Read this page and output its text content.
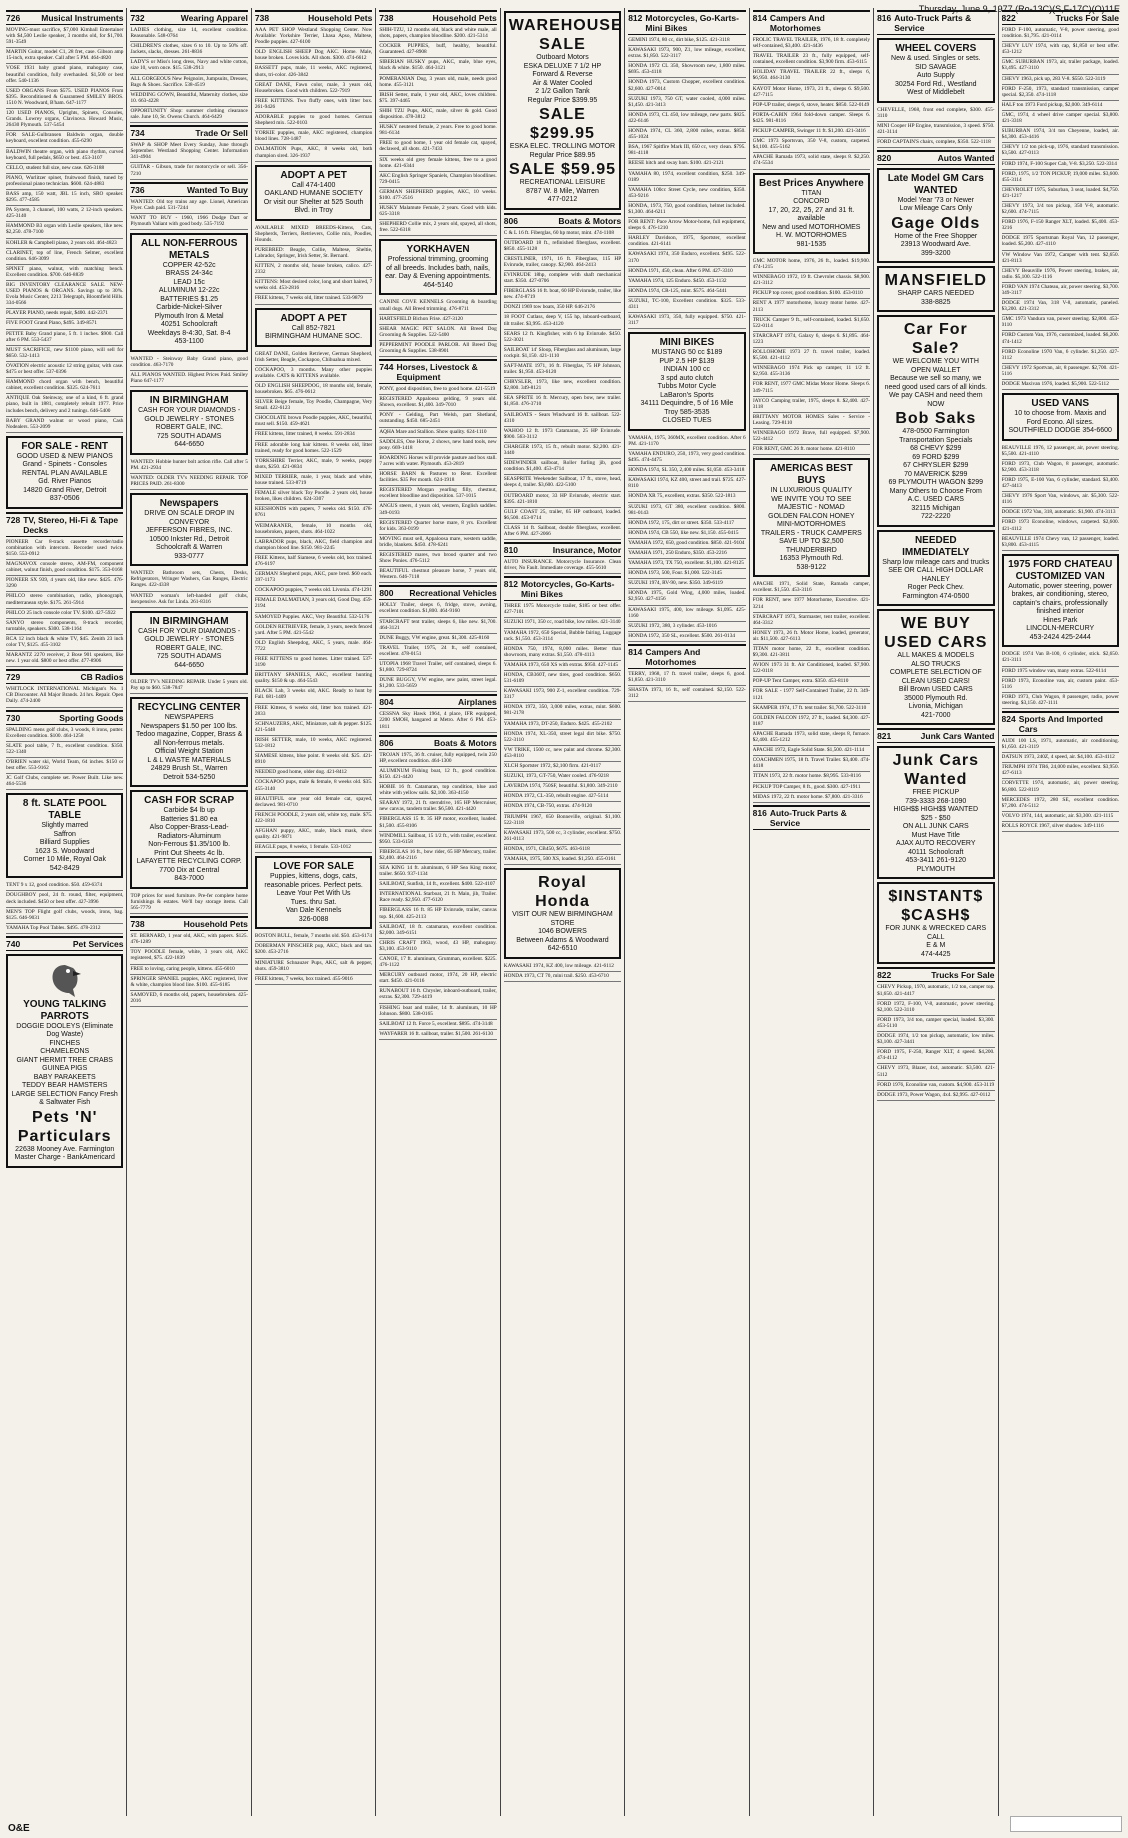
Thursday, June 9, 1977 (Ro-13C)(S,F-17C)(O)11E
726	Musical Instruments

MOVING-must sacrifice, $7,000 Kimball Entertainer with $4,500 Leslie speaker, 3 months old, for $1,700. 591-3549

MARTIN Guitar, model C1, 28 fret, case. Gibson amp 15-inch, extra speaker. Call after 5 PM. 464-4820

VOSE 1931 baby grand piano, mahogany case, beautiful condition, fully overhauled. $1,500 or best offer. 540-1136

USED ORGANS From $575. USED PIANOS From $395. Reconditioned & Guaranteed SMILEY BROS. 1510 N. Woodward, B'ham. 647-1177

120 USED PIANOS, Uprights, Spinets, Consoles, Grands. Lowrey organs, Clavinova. Howard Music, 26430 Plymouth. 537-5454

FOR SALE-Gulbransen Baldwin organ, double keyboard, excellent condition. 455-6290

BALDWIN theatre organ, with piano rhythm, curved keyboard, full pedals, $650 or best. 453-3107

CELLO, student full size, new case. 626-3188

PIANO, Wurlitzer spinet, fruitwood finish, tuned by professional piano technician. $600. 624-4883

BASS amp, 150 watt, JBL 15 inch, SRO speaker. $295. 477-4585

PA System, 3 channel, 100 watts, 2 12-inch speakers. 425-3140

HAMMOND B3 organ with Leslie speakers, like new. $2,250. 478-7100

KOHLER & Campbell piano, 2 years old. 464-4823

CLARINET, top of line, French Selmer, excellent condition. 646-3099

SPINET piano, walnut, with matching bench. Excellent condition. $700. 646-8839

BIG INVENTORY CLEARANCE SALE. NEW-USED PIANOS & ORGANS. Savings up to 30%. Evola Music Center, 2213 Telegraph, Bloomfield Hills. 334-0566

PLAYER PIANO, needs repair, $400. 442-2371

FIVE FOOT Grand Piano, $495. 349-8571

PETITE Baby Grand piano, 5 ft. 1 inches. $900. Call after 6 PM. 553-5437

MUST SACRIFICE, new $1100 piano, will sell for $650. 532-1413

OVATION electric acoustic 12 string guitar, with case. $475 or best offer. 537-0396

HAMMOND chord organ with bench, beautiful cabinet, excellent condition. $325. 624-7611

ANTIQUE Oak Steinway, one of a kind, 6 ft. grand piano, built in 1881, completely rebuilt 1977. Price includes bench, delivery and 2 tunings. 646-5400

BABY GRAND walnut or wood piano, Cash Nodealers. 553-2099

FOR SALE - RENT
GOOD USED & NEW PIANOS
Grand - Spinets - Consoles
RENTAL PLAN AVAILABLE
Gd. River Pianos
14820 Grand River, Detroit
837-0506
728 TV, Stereo, Hi-Fi & Tape Decks

PIONEER Car 8-track cassette recorder/radio combination with intercom. Recorder used twice. $150. 553-0912

MAGNAVOX console stereo, AM-FM, component cabinet, walnut finish, good condition. $175. 353-0168

PIONEER SX 939, 4 years old, like new. $425. 476-3290

PHILCO stereo combination, radio, phonograph, mediterranean style. $175. 261-5914

PHILCO 25 inch console color TV. $100. 427-5922

SANYO stereo components, 8-track recorder, turntable, speakers. $300. 538-1164

RCA 12 inch black & white TV, $45. Zenith 23 inch color TV, $125. 455-3102

MARANTZ 2270 receiver, 2 Bose 901 speakers, like new. 1 year old. $800 or best offer. 477-8906

729	CB Radios

WHITLOCK INTERNATIONAL Michigan's No. 1 CB Discounter. All Major Brands. 24 hrs. Repair. Open Daily. 474-2400

730	Sporting Goods

SPALDING mens golf clubs, 3 woods, 8 irons, putter. Excellent condition. $100. 464-1258

SLATE pool table, 7 ft., excellent condition. $350. 522-1340

O'BRIEN water ski, World Team, 64 inches. $150 or best offer. 553-9162

JC Golf Clubs, complete set. Power Built. Like new. 464-5536

8 ft. SLATE POOL TABLE
Slightly marred
Saffron
Billiard Supplies
1623 S. Woodward
Corner 10 Mile, Royal Oak
542-8429

TENT 9 x 12, good condition. $50. 459-6374

DOUGHBOY pool, 24 ft. round, filter, equipment, deck included. $450 or best offer. 427-3996

MEN'S TOP Flight golf clubs, woods, irons, bag. $125. 646-9031

YAMAHA Top Pool Tables. $495. 478-2312

740	Pet Services
YOUNG TALKING PARROTS
DOGGIE DOOLEYS (Eliminate Dog Waste)
FINCHES
CHAMELEONS
GIANT HERMIT TREE CRABS
GUINEA PIGS
BABY PARAKEETS
TEDDY BEAR HAMSTERS
LARGE SELECTION Fancy Fresh & Saltwater Fish
Pets 'N' Particulars
22638 Mooney Ave. Farmington
Master Charge - BankAmericard
732	Wearing Apparel

LADIES clothing, size 14, excellent condition. Reasonable. 548-0764

CHILDREN'S clothes, sizes 6 to 10. Up to 50% off. Jackets, slacks, dresses. 261-8836

LADY'S or Miss's long dress, Navy and white cotton, size 10, worn once. $15. 538-2913

ALL GORGEOUS New Peignoirs, Jumpsuits, Dresses, Bags & Shoes. Sacrifice. 538-4519

WEDDING GOWN, Beautiful, Maternity clothes, size 10. 663-4228

OPPORTUNITY Shop: summer clothing clearance sale. June 10, St. Owens Church. 464-6429

734	Trade Or Sell

SWAP & SHOP Meet Every Sunday, June through September. Westland Shopping Center. Information 341-4904

GUITAR - Gibson, trade for motorcycle or sell. 356-7210

736	Wanted To Buy

WANTED: Old toy trains any age. Lionel, American Flyer. Cash paid. 531-7244

WANT TO BUY - 1960, 1966 Dodge Dart or Plymouth Valiant with good body. 535-7192

ALL NON-FERROUS METALS
COPPER 42-52c
BRASS 24-34c
LEAD 15c
ALUMINUM 12-22c
BATTERIES $1.25
Carbide-Nickel-Silver
Plymouth Iron & Metal
40251 Schoolcraft
Weekdays 8-4:30, Sat. 8-4
453-1100

WANTED - Steinway Baby Grand piano, good condition. 463-7170

ALL PIANOS WANTED. Highest Prices Paid. Smiley Piano 647-1177

IN BIRMINGHAM
CASH FOR YOUR DIAMONDS - GOLD JEWELRY - STONES
ROBERT GALE, INC.
725 SOUTH ADAMS
644-6650

WANTED: Hobbie hunter bolt action rifle. Call after 5 PM. 421-2934

WANTED: OLDER TV's NEEDING REPAIR. TOP PRICES PAID. 261-8300

Newspapers
DRIVE ON SCALE DROP IN CONVEYOR
JEFFERSON FIBRES, INC.
10500 Inkster Rd., Detroit
Schoolcraft & Warren
933-0777

WANTED: Bathroom sets, Chests, Desks, Refrigerators, Wringer Washers, Gas Ranges, Electric Ranges. 422-4338

WANTED woman's left-handed golf clubs, inexpensive. Ask for Linda. 261-8316

IN BIRMINGHAM
CASH FOR YOUR DIAMONDS - GOLD JEWELRY - STONES
ROBERT GALE, INC.
725 SOUTH ADAMS
644-6650

OLDER TV's NEEDING REPAIR. Under 5 years old. Pay up to $60. 538-7847

RECYCLING CENTER
NEWSPAPERS
Newspapers $1.50 per 100 lbs.
Tedoo magazine, Copper, Brass & all Non-ferrous metals.
Official Weight Station
L & L WASTE MATERIALS
24829 Brush St., Warren
Detroit 534-5250
CASH FOR SCRAP
Carbide $4 lb up
Batteries $1.80 ea
Also Copper-Brass-Lead-Radiators-Aluminum
Non-Ferrous $1.35/100 lb.
Print Out Sheets 4c lb.
LAFAYETTE RECYCLING CORP.
7700 Dix at Central
843-7000

TOP prices for used furniture. Pre-fer complete home furnishings & estates. We'll buy storage items. Call 565-7779

738	Household Pets

ST. BERNARD, 1 year old, AKC, with papers. $125. 476-1289

TOY POODLE female, white, 3 years old, AKC registered, $75. 422-1839

FREE to loving, caring people, kittens. 455-6010

SPRINGER SPANIEL puppies, AKC registered, liver & white, champion blood line. $100. 455-6185

SAMOYED, 6 months old, papers, housebroken. 425-2016

738	Household Pets

AAA PET SHOP Westland Shopping Center. Now Available: Yorkshire Terrier, Lhasa Apso, Maltese, Poodle puppies. 427-6100

OLD ENGLISH SHEEP Dog AKC. Home. Male, house broken. Loves kids. All shots. $300. 474-6612

BASSETT pups, male, 11 weeks, AKC registered, shots, tri-color. 426-3842

GREAT DANE, Fawn color, male, 3 years old, Housebroken. Good with children. 522-7919

FREE KITTENS. Two fluffy ones, with litter box. 261-9426

ADORABLE puppies to good homes. German Shepherd mix. 522-0103

YORKIE puppies, male, AKC registered, champion blood lines. 728-1487

DALMATION Pups, AKC, 8 weeks old, both champion sired. 326-1937

ADOPT A PET
Call 474-1400
OAKLAND HUMANE SOCIETY
Or visit our Shelter at 525 South Blvd. in Troy

AVAILABLE MIXED BREEDS-Kittens, Cats, Shepherds, Terriers, Retrievers, Collie mix, Poodles, Hounds.

PUREBRED: Beagle, Collie, Maltese, Sheltie, Labrador, Springer, Irish Setter, St. Bernard.

KITTEN, 2 months old, house broken, calico. 427-2332

KITTENS: Most desired color, long and short haired, 7 weeks old. 453-2816

FREE kittens, 7 weeks old, litter trained. 533-9879

ADOPT A PET
Call 852-7821
BIRMINGHAM HUMANE SOC.

GREAT DANE, Golden Retriever, German Shepherd, Irish Setter, Beagle, Cockapoo, Chihuahua mixed.

COCKAPOO, 3 months. Many other puppies available. CATS & KITTENS available.

OLD ENGLISH SHEEPDOG, 18 months old, female, housebroken. $65. 476-0612

SILVER Beige female, Toy Poodle, Champagne, Very Small. 422-6123

CHOCOLATE brown Poodle puppies, AKC, beautiful, must sell. $150. 459-4621

FREE kittens, litter trained, 8 weeks. 591-2834

FREE adorable long hair kittens. 8 weeks old, litter trained, ready for good homes. 522-1529

YORKSHIRE Terrier, AKC, male, 9 weeks, puppy shots, $250. 421-0834

MIXED TERRIER, male, 1 year, black and white, house trained. 533-8719

FEMALE silver black Toy Poodle. 2 years old, house broken, likes children. 624-3307

KEESHONDS with papers, 7 weeks old. $150. 478-8761

WEIMARANER, female, 10 months old, housebroken, papers, shots. 464-1022

LABRADOR pups, black, AKC, field champion and champion blood line. $150. 981-2245

FREE Kittens, half Siamese, 6 weeks old, box trained. 476-6197

GERMAN Shepherd pups, AKC, pure bred. $60 each. 397-1173

COCKAPOO puppies, 7 weeks old. Livonia. 474-1291

FEMALE DALMATIAN, 3 years old, Good Dog. 459-2194

SAMOYED Puppies. AKC, Very Beautiful. 532-5176

GOLDEN RETRIEVER, female, 3 years, needs fenced yard. After 5 PM. 421-5542

OLD English Sheepdog, AKC, 5 years, male. 464-7722

FREE KITTENS to good homes. Litter trained. 537-3190

BRITTANY SPANIELS, AKC, excellent hunting quality. $150 & up. 464-5543

BLACK Lab, 3 weeks old, AKC. Ready to hunt by Fall. 681-1409

FREE Kittens, 6 weeks old, litter box trained. 421-2833

SCHNAUZERS, AKC, Miniature, salt & pepper. $125. 421-5448

IRISH SETTER, male, 10 weeks, AKC registered. 532-1812

SIAMESE kittens, blue point. 8 weeks old. $25. 421-8910

NEEDED good home, older dog. 421-8412

COCKAPOO pups, male & female, 8 weeks old. $35. 455-3140

BEAUTIFUL one year old female cat, spayed, declawed. 981-0710

FRENCH POODLE, 2 years old, white toy, male. $75. 422-1810

AFGHAN puppy, AKC, male, black mask, show quality. 421-9871

BEAGLE pups, 8 weeks, 1 female. 533-1012

LOVE FOR SALE
Puppies, kittens, dogs, cats, reasonable prices. Perfect pets.
Leave Your Pet With Us
Tues. thru Sat.
Van Dale Kennels
326-0088

BOSTON BULL, female, 7 months old. $50. 453-6174

DOBERMAN PINSCHER pup, AKC, black and tan. $200. 453-2716

MINIATURE Schnauzer Pups, AKC, salt & pepper, shots. 459-3810

FREE kittens, 7 weeks, box trained. 455-9016

738	Household Pets

SHIH-TZU, 12 months old, black and white male, all shots, papers, champion bloodline. $200. 421-5314

COCKER PUPPIES, buff, healthy, beautiful. Guaranteed. 427-8908

SIBERIAN HUSKY pups, AKC, male, blue eyes, black & white. $150. 464-3121

POMERANIAN Dog, 3 years old, male, needs good home. 455-3121

IRISH Setter, male, 1 year old, AKC, loves children. $75. 397-4465

SHIH TZU Pups, AKC, male, silver & gold. Good disposition. 478-3812

HUSKY neutered female, 2 years. Free to good home. 981-6134

FREE to good home, 1 year old female cat, spayed, declawed, all shots. 421-7433

SIX weeks old grey female kittens, free to a good home. 421-6344

AKC English Springer Spaniels, Champion bloodlines. 729-0415

GERMAN SHEPHERD puppies, AKC, 10 weeks. $100. 477-2516

HUSKY Malamute Female, 2 years. Good with kids. 625-3318

SHEPHERD Collie mix, 2 years old, spayed, all shots, free. 522-6318

YORKHAVEN
Professional trimming, grooming of all breeds. Includes bath, nails, ear. Day & Evening appointments. 464-5140

CANINE COVE KENNELS Grooming & boarding small dogs. All Breed trimming. 476-8711

HARTSFIELD Bichon Frise. 427-3120

SHEAR MAGIC PET SALON. All Breed Dog Grooming & Supplies. 522-5400

PEPPERMINT POODLE PARLOR. All Breed Dog Grooming & Supplies. 538-8901

744 Horses, Livestock & Equipment

PONY, good disposition, free to good home. 421-5519

REGISTERED Appaloosa gelding, 9 years old. Shown, excellent. $1,400. 349-7010

PONY - Gelding, Part Welsh, part Shetland, outstanding. $450. 685-2451

AQHA Mare and Stallion. Show quality. 624-1110

SADDLES, One Horse, 2 shows, new hand tools, new pony. 669-1418

BOARDING Horses will provide pasture and box stall. 7 acres with water. Plymouth. 453-2819

HORSE BARN & Pastures to Rent. Excellent facilities. $35 Per month. 624-1918

REGISTERED Morgan yearling filly, chestnut, excellent bloodline and disposition. 537-1015

ANGUS steers, 4 years old, western, English saddles. 349-0193

REGISTERED Quarter horse mare, 8 yrs. Excellent for kids. 363-0199

MOVING must sell, Appaloosa mare, western saddle, bridle, blankets. $450. 478-6241

REGISTERED mares, two brood quarter and two Show Ponies. 476-5112

BEAUTIFUL chestnut pleasure horse, 7 years old, Western. 646-7118

800	Recreational Vehicles

HOLLY Trailer, sleeps 6, fridge, stove, awning, excellent condition. $1,800. 464-9160

STARCRAFT tent trailer, sleeps 6, like new. $1,700. 464-3121

DUNE Buggy, VW engine, great. $1,300. 425-8160

TRAVEL Trailer, 1975, 24 ft., self contained, excellent. 478-0151

UTOPIA 1968 Travel Trailer, self contained, sleeps 6. $1,800. 729-8724

DUNE BUGGY, VW engine, new paint, street legal. $1,200. 533-5659

804	Airplanes

CESSNA Sky Hawk 1964, 4 place, IFR equipped, 2200 SMOH, hangared at Metro. After 6 PM. 453-1811

806	Boats & Motors

TROJAN 1975, 36 ft. cruiser, fully equipped, twin 250 HP, excellent condition. 464-1300

ALUMINUM Fishing boat, 12 ft., good condition. $150. 421-4420

HOBIE 16 ft. Catamaran, top condition, blue and white with yellow sails. $2,100. 363-4150

SEARAY 1972, 21 ft. sterndrive, 165 HP Mercruiser, new canvas, tandem trailer. $6,500. 421-4420

FIBERGLASS 15 ft. 35 HP motor, excellent, loaded. $1,500. 455-8106

WINDMILL Sailboat, 15 1/2 ft., with trailer, excellent. $950. 533-6158

FIBERGLAS 16 ft., bow rider, 65 HP Mercury, trailer. $2,400. 464-2116

SEA KING 14 ft. aluminum, 6 HP Sea King motor, trailer. $650. 937-1134

SAILBOAT, Sunfish, 14 ft., excellent. $400. 522-4107

INTERNATIONAL Starboat, 21 ft. Main, jib, Trailer. Race ready. $2,950. 477-6120

FIBERGLASS 16 ft. 85 HP Evinrude, trailer, canvas top. $1,600. 425-2113

SAILBOAT, 18 ft. catamaran, excellent condition. $2,000. 349-6151

CHRIS CRAFT 1963, wood, 43 HP, mahogany. $3,100. 453-9110

CANOE, 17 ft. aluminum, Grumman, excellent. $225. 476-1122

MERCURY outboard motor, 1974, 20 HP, electric start. $450. 421-0116

RUNABOUT 16 ft. Chrysler, inboard-outboard, trailer, extras. $2,300. 729-4419

FISHING boat and trailer, 14 ft. aluminum, 10 HP Johnson. $800. 538-0165

SAILBOAT 12 ft. Force 5, excellent. $895. 474-3148

WAYFARER 16 ft. sailboat, trailer. $1,500. 261-6130

WAREHOUSE SALE
Outboard Motors
ESKA DELUXE 7 1/2 HP
Forward & Reverse
Air & Water Cooled
2 1/2 Gallon Tank
Regular Price $399.95
SALE $299.95
ESKA ELEC. TROLLING MOTOR
Regular Price $89.95
SALE $59.95
RECREATIONAL LEISURE
8787 W. 8 Mile, Warren
477-0212
806	Boats & Motors

C & L 16 ft. Fiberglas, 60 hp motor, mint. 474-1108

OUTBOARD 18 ft., refinished fiberglass, excellent. $850. 455-1128

CRESTLINER, 1971, 16 ft. Fiberglass, 115 HP Evinrude, trailer, canopy. $2,900. 464-2413

EVINRUDE 18hp, complete with shaft mechanical start. $350. 427-0706

FIBERGLASS 16 ft. boat, 60 HP Evinrude, trailer, like new. 474-8719

DONZI 1969 tow boats, 350 HP. 646-2176

18 FOOT Cutlass, deep V, 155 hp, inboard-outboard, tilt trailer. $3,995. 453-4120

SEARS 12 ft. Kingfisher, with 6 hp Evinrude. $450. 522-3021

SAILBOAT 14' Sloop, Fiberglass and aluminum, large cockpit. $1,150. 421-1110

SAFT-MATE 1971, 16 ft. Fiberglas, 75 HP Johnson, trailer. $1,950. 453-6120

CHRYSLER, 1973, like new, excellent condition. $2,800. 349-8121

SEA SPRITE 16 ft. Mercury, open bow, new trailer. $1,850. 476-3710

SAILBOATS - Sears Windward 16 ft. sailboat. 522-4310

WAHOO 12 ft. 1973 Catamaran, 25 HP Evinrude. $900. 563-3112

CHARGER 1973, 15 ft., rebuilt motor. $2,200. 421-3440

SIDEWINDER sailboat, Roller furling jib, good condition. $1,400. 453-4714

SEASPRITE Weekender Sailboat, 17 ft., stove, head, sleeps 4, trailer. $3,600. 422-5100

OUTBOARD motor, 33 HP Evinrude, electric start. $395. 421-1810

GULF COAST 25, trailer, 65 HP outboard, loaded. $6,500. 453-0714

CLASS 14 ft. Sailboat, double fiberglass, excellent. After 6 PM. 427-2066

810	Insurance, Motor

AUTO INSURANCE. Motorcycle Insurance. Clean driver, No Fault. Immediate coverage. 455-5610

812 Motorcycles, Go-Karts-Mini Bikes

THREE 1975 Motorcycle trailer, $185 or best offer. 427-7101

SUZUKI 1971, 350 cc, road bike, low miles. 421-3140

YAMAHA 1972, 650 Special, Bubble fairing, Luggage rack. $1,550. 453-3114

HONDA 750, 1974, 8,000 miles. Better than showroom, many extras. $1,550. 478-4113

YAMAHA 1973, 650 XS with extras. $950. 427-1145

HONDA, CB360T, new tires, good condition. $650. 531-6109

KAWASAKI 1973, 900 Z-1, excellent condition. 729-3317

HONDA 1972, 350, 3,000 miles, extras, mint. $600. 981-2178

YAMAHA 1973, DT-250, Enduro. $425. 455-2102

HONDA 1974, XL-350, street legal dirt bike. $750. 522-3110

VW TRIKE, 1500 cc, new paint and chrome. $2,300. 453-8110

XLCH Sportster 1972, $2,100 firm. 421-0117

SUZUKI, 1973, GT-750, Water cooled. 476-9218

LAVERDA 1974, 750SF, beautiful. $1,800. 349-2110

HONDA 1972, CL-350, rebuilt engine. 427-5114

HONDA 1974, CB-750, extras. 474-9120

TRIUMPH 1967, 650 Bonneville, original. $1,100. 522-3118

KAWASAKI 1973, 500 cc, 3 cylinder, excellent. $750. 261-0113

HONDA, 1971, CB450, $675. 463-6118

YAMAHA, 1975, 500 XS, loaded. $1,250. 455-0161

Royal Honda
VISIT OUR NEW BIRMINGHAM STORE
1046 BOWERS
Between Adams & Woodward
642-6510

KAWASAKI 1974, KZ 400, low mileage. 421-6112

HONDA 1973, CT 70, mini trail. $250. 453-6710

812 Motorcycles, Go-Karts-Mini Bikes

GEMINI 1974, 80 cc, dirt bike, $125. 421-3118

KAWASAKI 1973, 900, Z1, low mileage, excellent, extras. $1,850. 522-3117

HONDA 1972 CL 350, Showroom new, 1,800 miles. $695. 453-4118

HONDA 1973, Custom Chopper, excellent condition. $2,600. 427-0014

SUZUKI 1973, 750 GT, water cooled, 4,000 miles. $1,450. 421-3413

HONDA 1973, CL 450, low mileage, new parts. $825. 422-6146

HONDA 1974, CL 360, 2,800 miles, extras. $850. 455-1024

BSA, 1967 Spitfire Mark III, 650 cc, very clean. $795. 981-4118

REESE hitch and sway bars. $100. 421-2121

YAMAHA 80, 1974, excellent condition, $250. 349-0189

YAMAHA 100cc Street Cycle, new condition, $350. 453-9216

HONDA, 1973, 750, good condition, helmet included. $1,300. 464-6211

FOR RENT: Pace Arrow Motor-home, full equipment, sleeps 6. 476-1210

HARLEY Davidson, 1975, Sportster, excellent condition. 421-6141

KAWASAKI 1974, 350 Enduro, excellent. $495. 522-3170

HONDA 1971, 450, clean. After 6 PM. 427-3310

YAMAHA 1974, 125 Enduro. $450. 453-1132

HONDA 1974, CR-125, mint. $575. 464-5441

SUZUKI, TC-100, Excellent condition. $325. 533-4311

KAWASAKI 1973, 350, fully equipped. $750. 421-3117

MINI BIKES
MUSTANG 50 cc $189
PUP 2.5 HP $139
INDIAN 100 cc
3 spd auto clutch
Tubbs Motor Cycle
LaBaron's Sports
34111 Dequindre, 5 of 16 Mile
Troy 585-3535
CLOSED TUES

YAMAHA, 1975, 360MX, excellent condition. After 6 PM. 421-1170

YAMAHA ENDURO, 250, 1973, very good condition. $495. 474-4475

HONDA 1974, SL 350, 2,400 miles. $1,050. 453-3418

KAWASAKI 1974, KZ 400, street and trail. $725. 427-8110

HONDA XR 75, excellent, extras. $350. 522-1813

SUZUKI 1973, GT 380, excellent condition. $800. 981-0143

HONDA 1972, 175, dirt or street. $350. 533-4117

HONDA 1974, CB 550, like new. $1,150. 455-0415

YAMAHA 1972, 650, good condition. $850. 421-9104

YAMAHA 1971, 250 Enduro, $350. 453-2216

YAMAHA 1973, TX 750, excellent. $1,100. 421-8125

HONDA 1973, 500, Four. $1,000. 522-3145

SUZUKI 1974, RV-90, new. $350. 349-6119

HONDA 1975, Gold Wing, 4,000 miles, loaded. $2,950. 427-4156

KAWASAKI 1975, 400, low mileage. $1,095. 425-1160

SUZUKI 1972, 380, 3 cylinder. 453-1016

HONDA 1972, 350 SL, excellent. $500. 261-0134

814 Campers And Motorhomes

TERRY, 1968, 17 ft. travel trailer, sleeps 6, good. $1,850. 421-3110

SHASTA 1973, 16 ft., self contained. $2,150. 522-3112

814 Campers And Motorhomes

FROLIC TRAVEL TRAILER, 1976, 18 ft. completely self-contained, $3,400. 421-4436

TRAVEL TRAILER 23 ft., fully equipped, self-contained, excellent condition. $3,900 firm. 453-6115

HOLIDAY TRAVEL TRAILER 22 ft., sleeps 6, $6,950. 464-3130

KAYOT Motor Home, 1973, 21 ft., sleeps 6. $9,500. 427-7115

POP-UP trailer, sleeps 6, stove, heater. $850. 522-0149

PORTA-CABIN 1964 fold-down camper. Sleeps 6. $425. 981-8116

PICKUP CAMPER, Swinger 11 ft. $1,200. 421-3416

GMC 1973 Sportsvan, 350 V-8, custom, carpeted. $4,100. 455-5162

APACHE Ramada 1973, solid state, sleeps 8. $2,250. 474-5534

Best Prices Anywhere
TITAN
CONCORD
17, 20, 22, 25, 27 and 31 ft. available
New and used MOTORHOMES
H. W. MOTORHOMES
981-1535

GMC MOTOR home, 1976, 26 ft., loaded. $19,900. 474-1215

WINNEBAGO 1972, 19 ft. Chevrolet chassis. $8,900. 421-3112

PICKUP top cover, good condition. $100. 453-0110

RENT A 1977 motorhome, luxury motor home. 427-2113

TRUCK Camper 9 ft., self-contained, loaded. $1,650. 522-0114

STARCRAFT 1974, Galaxy 6, sleeps 6. $1,895. 464-1223

ROLLOHOME 1973 27 ft. travel trailer, loaded. $5,500. 421-4112

WINNEBAGO 1974 Pick up camper, 11 1/2 ft. $2,950. 455-3136

FOR RENT, 1977 GMC Midas Motor Home. Sleeps 6. 349-7115

JAYCO Camping trailer, 1975, sleeps 8. $2,400. 427-3118

BRITTANY MOTOR HOMES Sales - Service - Leasing. 729-8110

WINNEBAGO 1972 Brave, full equipped. $7,900. 522-4412

FOR RENT, GMC 26 ft. motor home. 421-8110

AMERICAS BEST BUYS
IN LUXURIOUS QUALITY
WE INVITE YOU TO SEE
MAJESTIC - NOMAD
GOLDEN FALCON HONEY
MINI-MOTORHOMES
TRAILERS - TRUCK CAMPERS
SAVE UP TO $2,500
THUNDERBIRD
16353 Plymouth Rd.
538-9122

APACHE 1971, Solid State, Ramada camper, excellent. $1,550. 453-3116

FOR RENT, new 1977 Motorhome, Executive. 421-3214

STARCRAFT 1973, Starmaster, tent trailer, excellent. 464-3312

HONEY 1973, 26 ft. Motor Home, loaded, generator, air. $11,500. 427-6113

TITAN motor home, 22 ft., excellent condition. $9,300. 421-3811

AVION 1973 31 ft. Air Conditioned, loaded. $7,900. 522-0118

POP-UP Tent Camper, extra. $350. 453-8110

FOR SALE - 1977 Self-Contained Trailer, 22 ft. 349-1121

SKAMPER 1974, 17 ft. tent trailer. $1,700. 522-3110

GOLDEN FALCON 1972, 27 ft., loaded. $4,300. 427-0187

APACHE Ramada 1973, solid state, sleeps 8, furnace. $2,400. 455-1212

APACHE 1972, Eagle Solid State. $1,500. 421-1114

COACHMEN 1975, 18 ft. Travel Trailer. $3,400. 474-4418

TITAN 1973, 22 ft. motor home. $8,995. 533-8116

PICKUP TOP Camper, 8 ft., good. $300. 427-1911

MIDAS 1972, 22 ft. motor home. $7,800. 421-3316

816 Auto-Truck Parts & Service
816 Auto-Truck Parts & Service
WHEEL COVERS
New & used. Singles or sets.
SID SAVAGE
Auto Supply
30254 Ford Rd., Westland
West of Middlebelt

CHEVELLE, 1968, front end complete, $300. 455-3110

MINI Cooper HP Engine, transmission, 3 speed. $750. 421-3114

FORD CAPTAIN'S chairs, complete, $350. 522-1118

820	Autos Wanted
Late Model GM Cars WANTED
Model Year '73 or Newer
Low Mileage Cars Only
Gage Olds
Home of the Free Shopper
23913 Woodward Ave.
399-3200
MANSFIELD
SHARP CARS NEEDED
338-8825
Car For Sale?
WE WELCOME YOU WITH OPEN WALLET
Because we sell so many, we need good used cars of all kinds. We pay CASH and need them NOW
Bob Saks
478-0500 Farmington
Transportation Specials
68 CHEVY $299
69 FORD $299
67 CHRYSLER $299
70 MAVERICK $299
69 PLYMOUTH WAGON $299
Many Others to Choose From
A.C. USED CARS
32115 Michigan
722-2220
NEEDED IMMEDIATELY
Sharp low mileage cars and trucks
SEE OR CALL HIGH DOLLAR HANLEY
Roger Peck Chev.
Farmington 474-0500
WE BUY USED CARS
ALL MAKES & MODELS
ALSO TRUCKS
COMPLETE SELECTION OF CLEAN USED CARS!
Bill Brown USED CARS
35000 Plymouth Rd.
Livonia, Michigan
421-7000
821	Junk Cars Wanted
Junk Cars Wanted
FREE PICKUP
739-3333 268-1090
HIGH$$ HIGH$$ WANTED
$25 - $50
ON ALL JUNK CARS
Must Have Title
AJAX AUTO RECOVERY
40111 Schoolcraft
453-3411 261-9120
PLYMOUTH
$INSTANT$
$CASH$
FOR JUNK & WRECKED CARS
CALL
E & M
474-4425
822	Trucks For Sale

CHEVY Pickup, 1970, automatic, 1/2 ton, camper top. $1,650. 421-4417

FORD 1972, F-100, V-8, automatic, power steering. $2,100. 522-3110

FORD 1973, 3/4 ton, camper special, loaded. $3,300. 453-5110

DODGE 1974, 1/2 ton pickup, automatic, low miles. $3,100. 427-3441

FORD 1975, F-250, Ranger XLT, 4 speed. $4,200. 474-4112

CHEVY 1973, Blazer, 4x4, automatic. $3,500. 421-5112

FORD 1976, Econoline van, custom. $4,900. 453-3119

DODGE 1973, Power Wagon, 4x4. $2,995. 427-0112

822	Trucks For Sale

FORD F-100, automatic, V-8, power steering, good condition. $1,795. 421-0114

CHEVY LUV 1974, with cap, $1,850 or best offer. 453-1212

GMC SUBURBAN 1973, air, trailer package, loaded. $3,495. 427-3110

CHEVY 1963, pick up, 283 V-8. $550. 522-3119

FORD F-250, 1973, standard transmission, camper special. $2,350. 474-1118

HALF ton 1973 Ford pickup, $2,000. 349-6114

GMC, 1974, 4 wheel drive camper special. $3,800. 421-3318

SUBURBAN 1974, 3/4 ton Cheyenne, loaded, air. $4,300. 453-4416

CHEVY 1/2 ton pick-up, 1976, standard transmission. $3,500. 427-0113

FORD 1974, F-100 Super Cab, V-8. $3,250. 522-3314

FORD, 1975, 1/2 TON PICKUP, 19,000 miles. $3,600. 455-3114

CHEVROLET 1975, Suburban, 3 seat, loaded. $4,750. 421-1217

CHEVY 1973, 3/4 ton pickup, 350 V-8, automatic. $2,600. 474-7115

FORD 1976, F-150 Ranger XLT, loaded. $5,400. 453-3216

DODGE 1975 Sportsman Royal Van, 12 passenger, loaded. $5,200. 427-4110

VW Window Van 1972, Camper with tent. $2,650. 421-8113

CHEVY Beauville 1976, Power steering, brakes, air, radio. $5,100. 522-1116

FORD VAN 1974 Chateau, air, power steering. $3,700. 349-3117

DODGE 1974 Van, 318 V-8, automatic, paneled. $3,200. 421-3312

GMC 1973 Vandura van, power steering. $2,800. 453-0110

FORD Custom Van, 1976, customized, loaded. $6,200. 474-1412

FORD Econoline 1970 Van, 6 cylinder. $1,250. 427-3112

CHEVY 1972 Sportvan, air, 8 passenger. $2,700. 421-5116

DODGE Maxivan 1976, loaded. $5,900. 522-5112

USED VANS
10 to choose from. Maxis and Ford Econo. All sizes.
SOUTHFIELD DODGE 354-6600

BEAUVILLE 1976, 12 passenger, air, power steering. $5,500. 421-4110

FORD 1973, Club Wagon, 8 passenger, automatic. $2,900. 453-3118

FORD 1975, E-100 Van, 6 cylinder, standard. $3,400. 427-4413

CHEVY 1976 Sport Van, windows, air. $5,300. 522-4116

DODGE 1972 Van, 318, automatic. $1,900. 474-3113

FORD 1973 Econoline, windows, carpeted. $2,600. 421-4112

BEAUVILLE 1974 Chevy van, 12 passenger, loaded. $3,800. 453-4115

1975 FORD CHATEAU CUSTOMIZED VAN
Automatic, power steering, power brakes, air conditioning, stereo, captain's chairs, professionally finished interior
Hines Park
LINCOLN-MERCURY
453-2424 425-2444

DODGE 1974 Van B-100, 6 cylinder, stick. $2,650. 421-3111

FORD 1975 window van, many extras. 522-6114

FORD 1973, Econoline van, air, custom paint. 453-5116

FORD 1973, Club Wagon, 8 passenger, radio, power steering. $3,150. 427-1111

824 Sports And Imported Cars

AUDI 100 LS, 1971, automatic, air conditioning. $1,650. 421-3119

DATSUN 1973, 240Z, 4 speed, air. $4,100. 453-4112

TRIUMPH 1974 TR6, 24,000 miles, excellent. $3,950. 427-6113

CORVETTE 1974, automatic, air, power steering. $6,800. 522-8119

MERCEDES 1972, 280 SE, excellent condition. $7,200. 474-5112

VOLVO 1974, 144, automatic, air. $3,300. 421-1115

ROLLS ROYCE 1967, silver shadow. 349-1116

O&E
